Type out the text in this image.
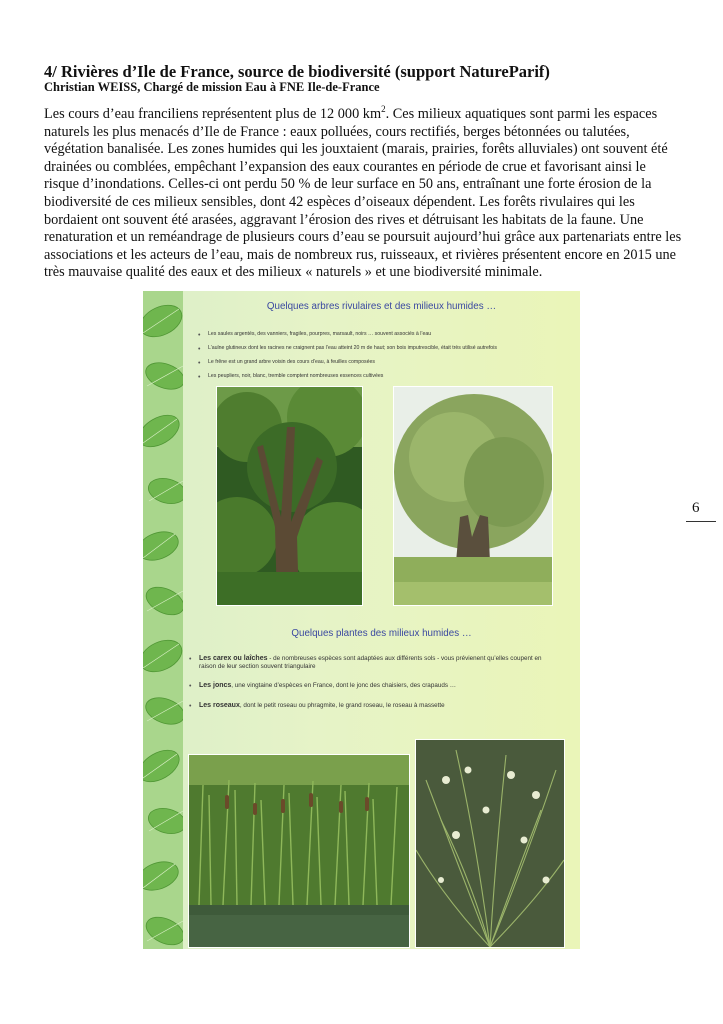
4/ Rivières d’Ile de France, source de biodiversité (support NatureParif)
Christian WEISS, Chargé de mission Eau à FNE Ile-de-France
Les cours d’eau franciliens représentent plus de 12 000 $km^2$. Ces milieux aquatiques sont parmi les espaces naturels les plus menacés d’Ile de France : eaux polluées, cours rectifiés, berges bétonnées ou talutées, végétation banalisée. Les zones humides qui les jouxtaient (marais, prairies, forêts alluviales) ont souvent été drainées ou comblées, empêchant l’expansion des eaux courantes en période de crue et favorisant ainsi le risque d’inondations. Celles-ci ont perdu 50 % de leur surface en 50 ans, entraînant une forte érosion de la biodiversité de ces milieux sensibles, dont 42 espèces d’oiseaux dépendent. Les forêts rivulaires qui les bordaient ont souvent été arasées, aggravant l’érosion des rives et détruisant les habitats de la faune. Une renaturation et un reméandrage de plusieurs cours d’eau se poursuit aujourd’hui grâce aux partenariats entre les associations et les acteurs de l’eau, mais de nombreux rus, ruisseaux, et rivières présentent encore en 2015 une très mauvaise qualité des eaux et des milieux « naturels » et une biodiversité minimale.
6
Quelques arbres rivulaires et des milieux humides …
•	Les saules argentés, des vanniers, fragiles, pourpres, marsault, noirs … souvent associés à l’eau
•	L’aulne glutineux dont les racines ne craignent pas l’eau atteint 20 m de haut; son bois imputrescible, était très utilisé autrefois
•	Le frêne est un grand arbre voisin des cours d’eau, à feuilles composées
•	Les peupliers, noir, blanc, tremble comptent nombreuses essences cultivées
Quelques plantes des milieux humides …
•	Les carex ou laîches - de nombreuses espèces sont adaptées aux différents sols - vous prévienent qu’elles coupent en raison de leur section souvent triangulaire
•	Les joncs, une vingtaine d’espèces en France, dont le jonc des chaisiers, des crapauds …
•	Les roseaux, dont le petit roseau ou phragmite, le grand roseau, le roseau à massette
